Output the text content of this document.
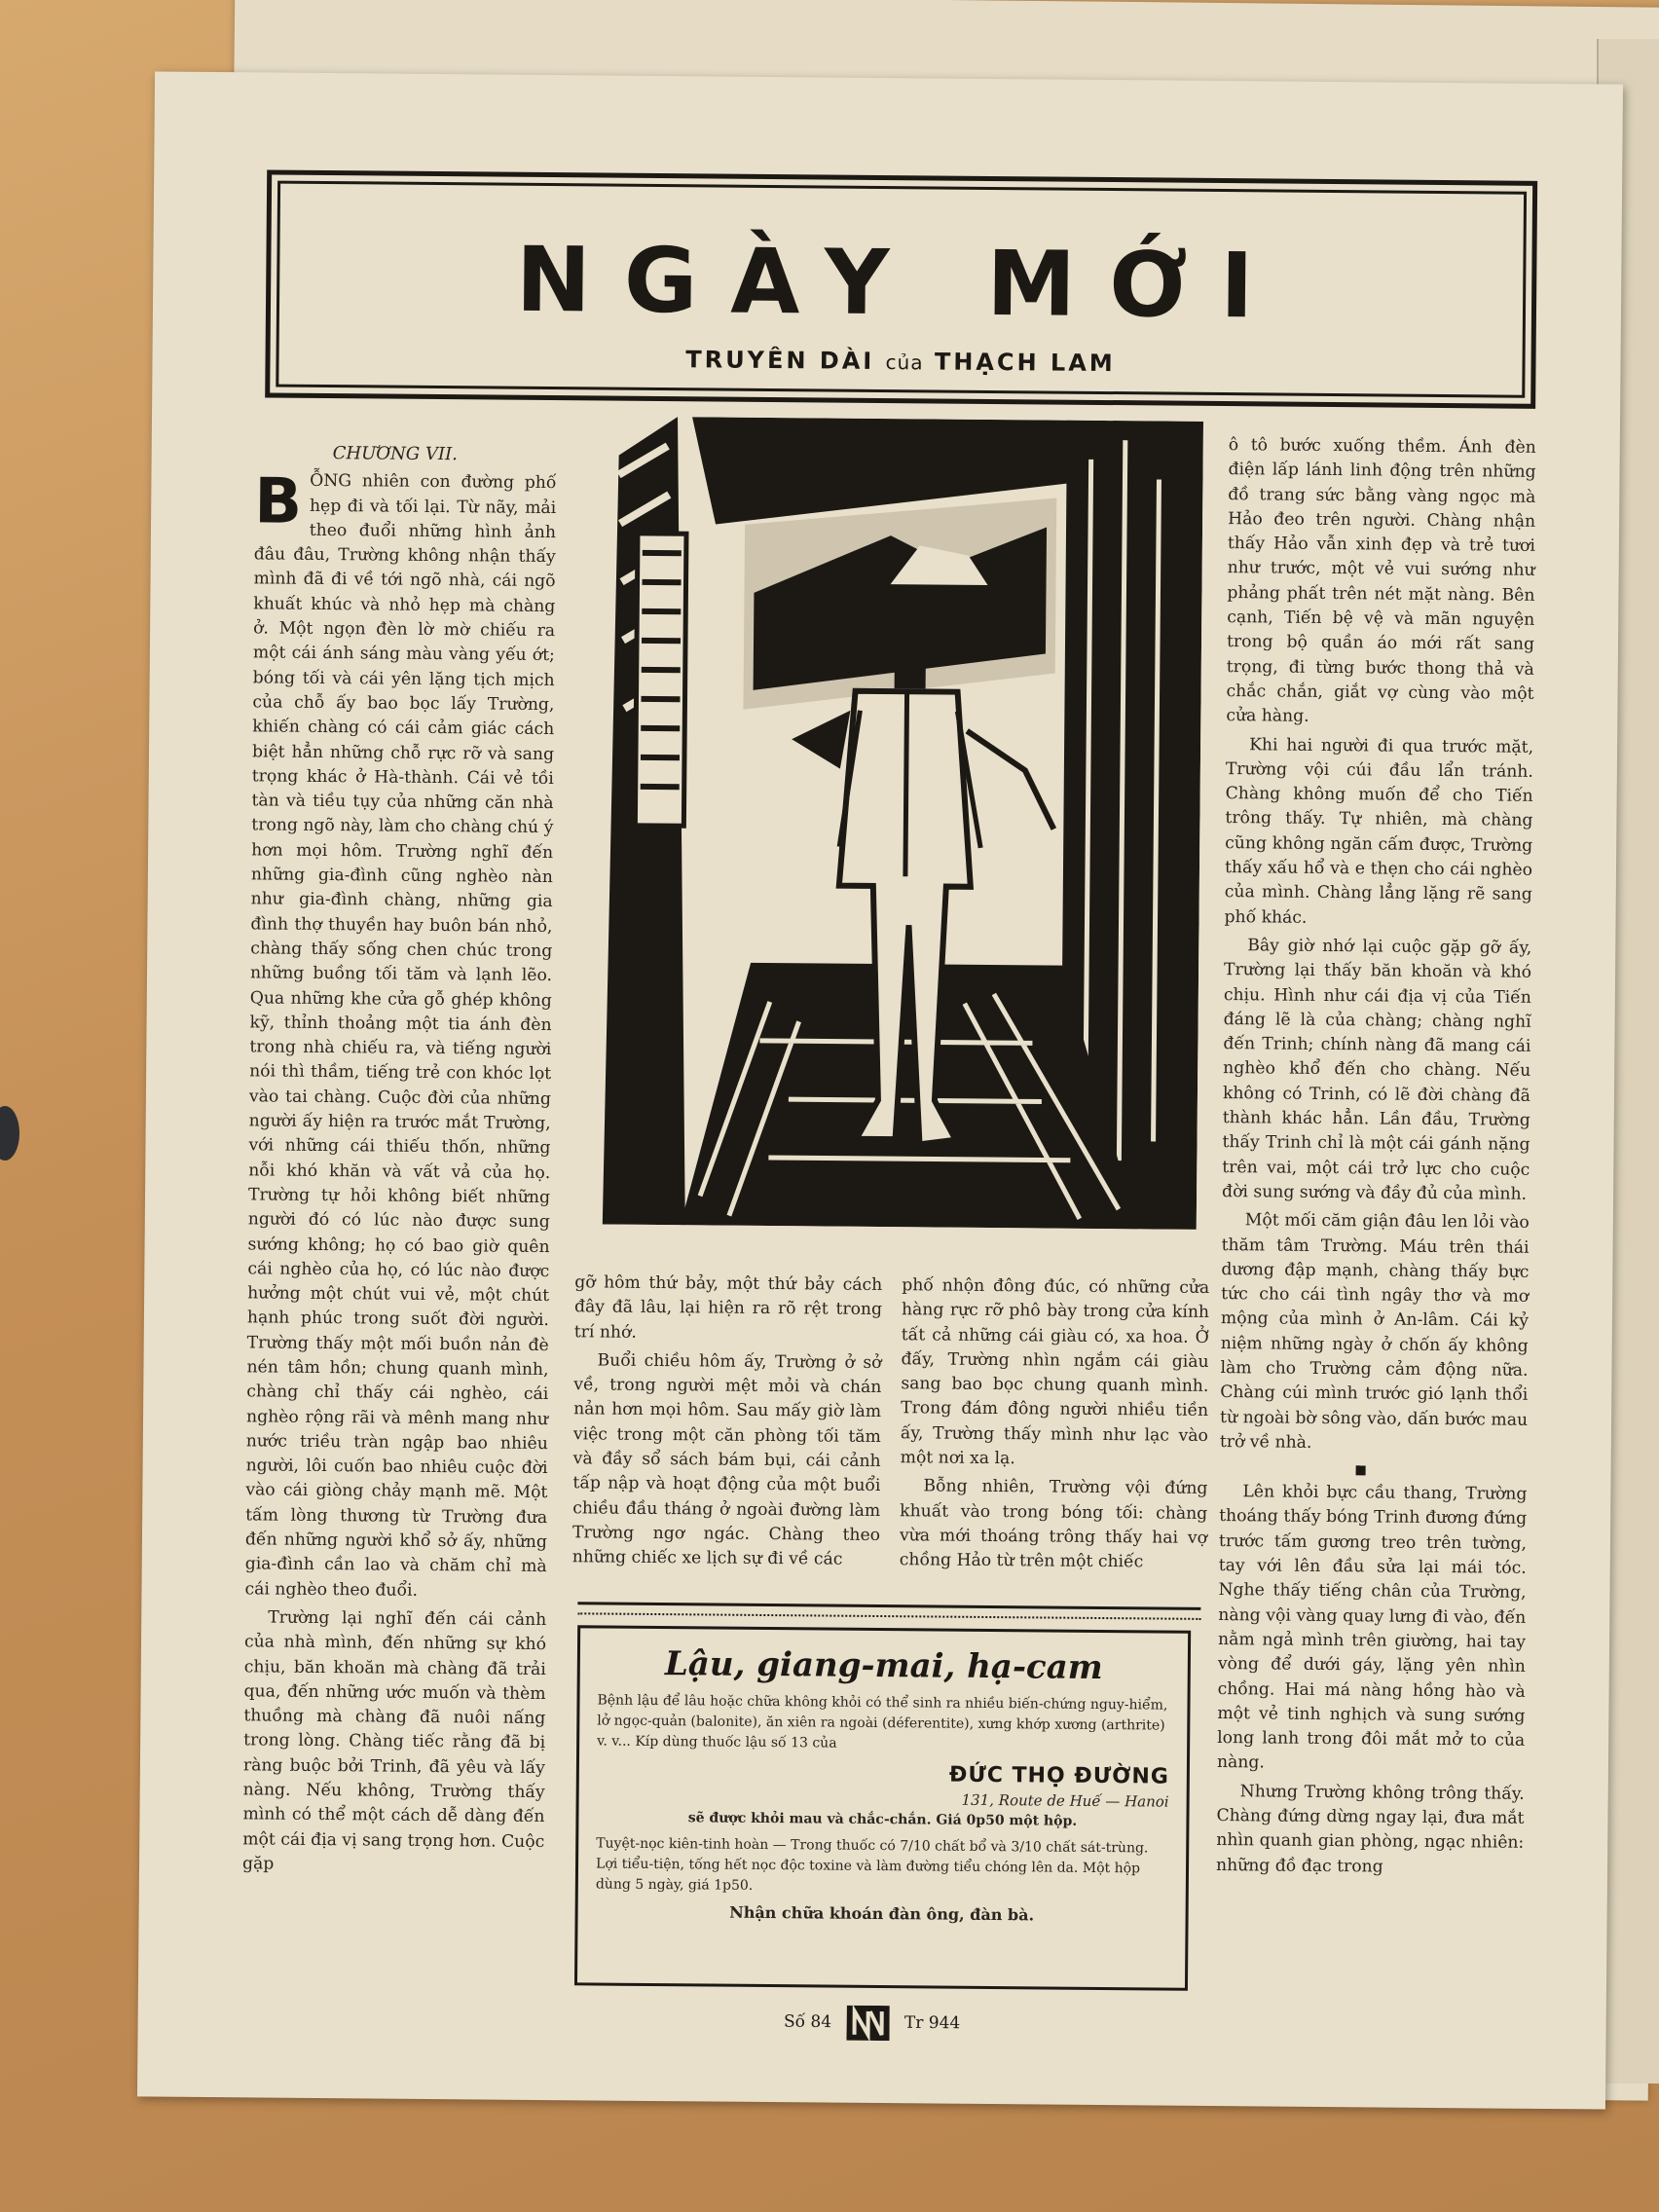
NGÀY MỚI
TRUYÊN DÀI của THẠCH LAM
CHƯƠNG VII.
B ỖNG nhiên con đường phố hẹp đi và tối lại. Từ nãy, mải theo đuổi những hình ảnh đâu đâu, Trường không nhận thấy mình đã đi về tới ngõ nhà, cái ngõ khuất khúc và nhỏ hẹp mà chàng ở. Một ngọn đèn lờ mờ chiếu ra một cái ánh sáng màu vàng yếu ớt; bóng tối và cái yên lặng tịch mịch của chỗ ấy bao bọc lấy Trường, khiến chàng có cái cảm giác cách biệt hẳn những chỗ rực rỡ và sang trọng khác ở Hà-thành. Cái vẻ tồi tàn và tiều tụy của những căn nhà trong ngõ này, làm cho chàng chú ý hơn mọi hôm. Trường nghĩ đến những gia-đình cũng nghèo nàn như gia-đình chàng, những gia đình thợ thuyền hay buôn bán nhỏ, chàng thấy sống chen chúc trong những buồng tối tăm và lạnh lẽo. Qua những khe cửa gỗ ghép không kỹ, thỉnh thoảng một tia ánh đèn trong nhà chiếu ra, và tiếng người nói thì thầm, tiếng trẻ con khóc lọt vào tai chàng. Cuộc đời của những người ấy hiện ra trước mắt Trường, với những cái thiếu thốn, những nỗi khó khăn và vất vả của họ. Trường tự hỏi không biết những người đó có lúc nào được sung sướng không; họ có bao giờ quên cái nghèo của họ, có lúc nào được hưởng một chút vui vẻ, một chút hạnh phúc trong suốt đời người. Trường thấy một mối buồn nản đè nén tâm hồn; chung quanh mình, chàng chỉ thấy cái nghèo, cái nghèo rộng rãi và mênh mang như nước triều tràn ngập bao nhiêu người, lôi cuốn bao nhiêu cuộc đời vào cái giòng chảy mạnh mẽ. Một tấm lòng thương từ Trường đưa đến những người khổ sở ấy, những gia-đình cần lao và chăm chỉ mà cái nghèo theo đuổi.

Trường lại nghĩ đến cái cảnh của nhà mình, đến những sự khó chịu, băn khoăn mà chàng đã trải qua, đến những ước muốn và thèm thuồng mà chàng đã nuôi nấng trong lòng. Chàng tiếc rằng đã bị ràng buộc bởi Trinh, đã yêu và lấy nàng. Nếu không, Trường thấy mình có thể một cách dễ dàng đến một cái địa vị sang trọng hơn. Cuộc gặp

gỡ hôm thứ bảy, một thứ bảy cách đây đã lâu, lại hiện ra rõ rệt trong trí nhớ.

Buổi chiều hôm ấy, Trường ở sở về, trong người mệt mỏi và chán nản hơn mọi hôm. Sau mấy giờ làm việc trong một căn phòng tối tăm và đầy sổ sách bám bụi, cái cảnh tấp nập và hoạt động của một buổi chiều đầu tháng ở ngoài đường làm Trường ngơ ngác. Chàng theo những chiếc xe lịch sự đi về các

phố nhộn đông đúc, có những cửa hàng rực rỡ phô bày trong cửa kính tất cả những cái giàu có, xa hoa. Ở đấy, Trường nhìn ngắm cái giàu sang bao bọc chung quanh mình. Trong đám đông người nhiều tiền ấy, Trường thấy mình như lạc vào một nơi xa lạ.

Bỗng nhiên, Trường vội đứng khuất vào trong bóng tối: chàng vừa mới thoáng trông thấy hai vợ chồng Hảo từ trên một chiếc

ô tô bước xuống thềm. Ánh đèn điện lấp lánh linh động trên những đồ trang sức bằng vàng ngọc mà Hảo đeo trên người. Chàng nhận thấy Hảo vẫn xinh đẹp và trẻ tươi như trước, một vẻ vui sướng như phảng phất trên nét mặt nàng. Bên cạnh, Tiến bệ vệ và mãn nguyện trong bộ quần áo mới rất sang trọng, đi từng bước thong thả và chắc chắn, giắt vợ cùng vào một cửa hàng.

Khi hai người đi qua trước mặt, Trường vội cúi đầu lẩn tránh. Chàng không muốn để cho Tiến trông thấy. Tự nhiên, mà chàng cũng không ngăn cấm được, Trường thấy xấu hổ và e thẹn cho cái nghèo của mình. Chàng lẳng lặng rẽ sang phố khác.

Bây giờ nhớ lại cuộc gặp gỡ ấy, Trường lại thấy băn khoăn và khó chịu. Hình như cái địa vị của Tiến đáng lẽ là của chàng; chàng nghĩ đến Trinh; chính nàng đã mang cái nghèo khổ đến cho chàng. Nếu không có Trinh, có lẽ đời chàng đã thành khác hẳn. Lần đầu, Trường thấy Trinh chỉ là một cái gánh nặng trên vai, một cái trở lực cho cuộc đời sung sướng và đầy đủ của mình.

Một mối căm giận đâu len lỏi vào thăm tâm Trường. Máu trên thái dương đập mạnh, chàng thấy bực tức cho cái tình ngây thơ và mơ mộng của mình ở An-lâm. Cái kỷ niệm những ngày ở chốn ấy không làm cho Trường cảm động nữa. Chàng cúi mình trước gió lạnh thổi từ ngoài bờ sông vào, dấn bước mau trở về nhà.

Lên khỏi bực cầu thang, Trường thoáng thấy bóng Trinh đương đứng trước tấm gương treo trên tường, tay với lên đầu sửa lại mái tóc. Nghe thấy tiếng chân của Trường, nàng vội vàng quay lưng đi vào, đến nằm ngả mình trên giường, hai tay vòng để dưới gáy, lặng yên nhìn chồng. Hai má nàng hồng hào và một vẻ tinh nghịch và sung sướng long lanh trong đôi mắt mở to của nàng.

Nhưng Trường không trông thấy. Chàng đứng dừng ngay lại, đưa mắt nhìn quanh gian phòng, ngạc nhiên: những đồ đạc trong

Lậu, giang-mai, hạ-cam

Bệnh lậu để lâu hoặc chữa không khỏi có thể sinh ra nhiều biến-chứng nguy-hiểm, lở ngọc-quản (balonite), ăn xiên ra ngoài (déferentite), xưng khớp xương (arthrite) v. v... Kíp dùng thuốc lậu số 13 của

ĐỨC THỌ ĐƯỜNG
131, Route de Huế — Hanoi

sẽ được khỏi mau và chắc-chắn. Giá 0p50 một hộp.

Tuyệt-nọc kiên-tinh hoàn — Trong thuốc có 7/10 chất bổ và 3/10 chất sát-trùng. Lợi tiểu-tiện, tống hết nọc độc toxine và làm đường tiểu chóng lên da. Một hộp dùng 5 ngày, giá 1p50.

Nhận chữa khoán đàn ông, đàn bà.
Số 84	Tr 944
